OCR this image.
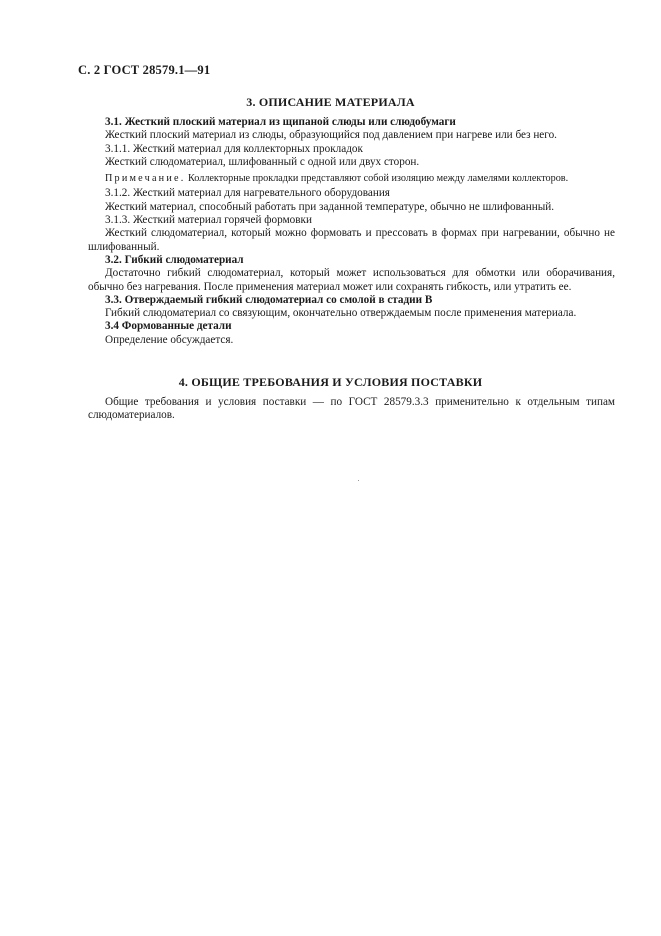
С. 2 ГОСТ 28579.1—91
3. ОПИСАНИЕ МАТЕРИАЛА

3.1. Жесткий плоский материал из щипаной слюды или слюдобумаги

Жесткий плоский материал из слюды, образующийся под давлением при нагреве или без него.

3.1.1. Жесткий материал для коллекторных прокладок

Жесткий слюдоматериал, шлифованный с одной или двух сторон.

Примечание. Коллекторные прокладки представляют собой изоляцию между ламелями коллекторов.

3.1.2. Жесткий материал для нагревательного оборудования

Жесткий материал, способный работать при заданной температуре, обычно не шлифованный.

3.1.3. Жесткий материал горячей формовки

Жесткий слюдоматериал, который можно формовать и прессовать в формах при нагревании, обычно не шлифованный.

3.2. Гибкий слюдоматериал

Достаточно гибкий слюдоматериал, который может использоваться для обмотки или оборачивания, обычно без нагревания. После применения материал может или сохранять гибкость, или утратить ее.

3.3. Отверждаемый гибкий слюдоматериал со смолой в стадии В

Гибкий слюдоматериал со связующим, окончательно отверждаемым после применения материала.

3.4 Формованные детали

Определение обсуждается.

4. ОБЩИЕ ТРЕБОВАНИЯ И УСЛОВИЯ ПОСТАВКИ

Общие требования и условия поставки — по ГОСТ 28579.3.3 применительно к отдельным типам слюдоматериалов.
